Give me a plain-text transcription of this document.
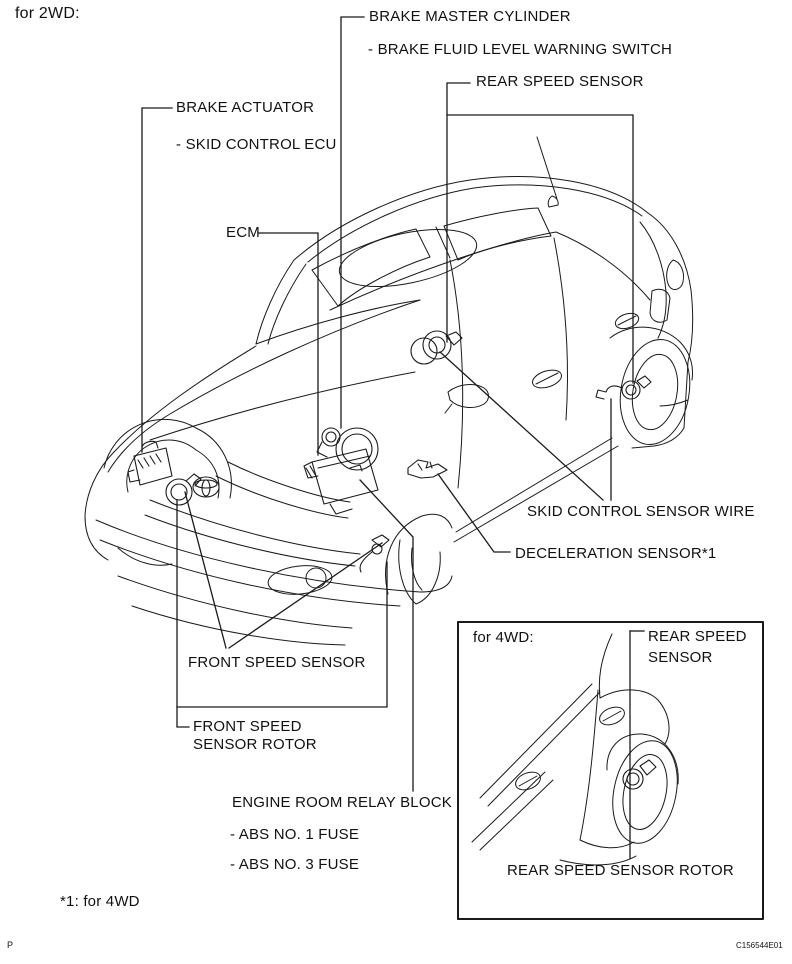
for 2WD:	BRAKE MASTER CYLINDER
- BRAKE FLUID LEVEL WARNING SWITCH
REAR SPEED SENSOR
BRAKE ACTUATOR
- SKID CONTROL ECU
ECM
SKID CONTROL SENSOR WIRE
DECELERATION SENSOR*1
FRONT SPEED SENSOR
FRONT SPEED
SENSOR ROTOR
ENGINE ROOM RELAY BLOCK
- ABS NO. 1 FUSE
- ABS NO. 3 FUSE
*1: for 4WD
P	C156544E01
for 4WD:	REAR SPEED
SENSOR
REAR SPEED SENSOR ROTOR
